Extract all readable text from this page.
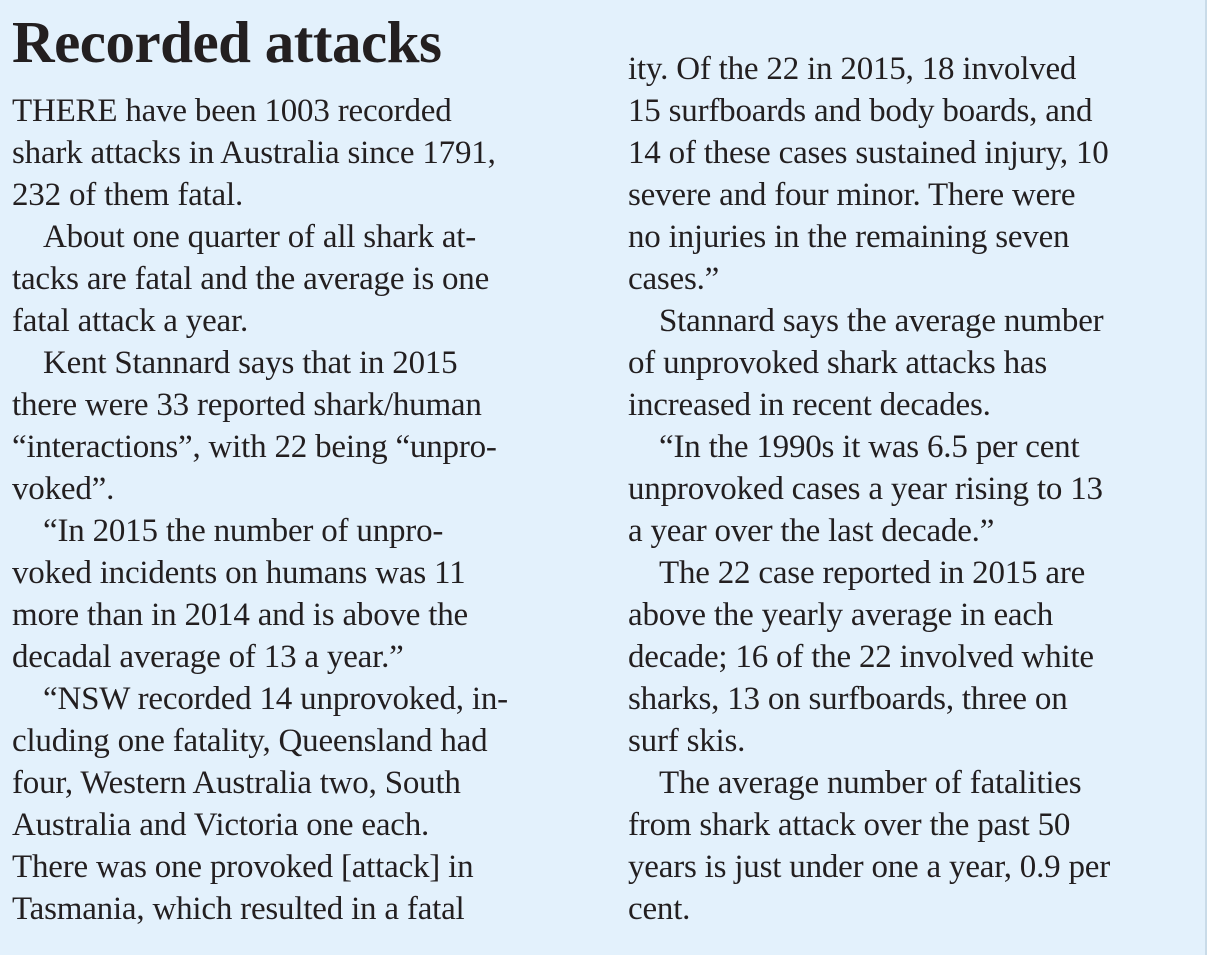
Recorded attacks
THERE have been 1003 recorded
shark attacks in Australia since 1791,
232 of them fatal.
About one quarter of all shark at-
tacks are fatal and the average is one
fatal attack a year.
Kent Stannard says that in 2015
there were 33 reported shark/human
“interactions”, with 22 being “unpro-
voked”.
“In 2015 the number of unpro-
voked incidents on humans was 11
more than in 2014 and is above the
decadal average of 13 a year.”
“NSW recorded 14 unprovoked, in-
cluding one fatality, Queensland had
four, Western Australia two, South
Australia and Victoria one each.
There was one provoked [attack] in
Tasmania, which resulted in a fatal
ity. Of the 22 in 2015, 18 involved
15 surfboards and body boards, and
14 of these cases sustained injury, 10
severe and four minor. There were
no injuries in the remaining seven
cases.”
Stannard says the average number
of unprovoked shark attacks has
increased in recent decades.
“In the 1990s it was 6.5 per cent
unprovoked cases a year rising to 13
a year over the last decade.”
The 22 case reported in 2015 are
above the yearly average in each
decade; 16 of the 22 involved white
sharks, 13 on surfboards, three on
surf skis.
The average number of fatalities
from shark attack over the past 50
years is just under one a year, 0.9 per
cent.
